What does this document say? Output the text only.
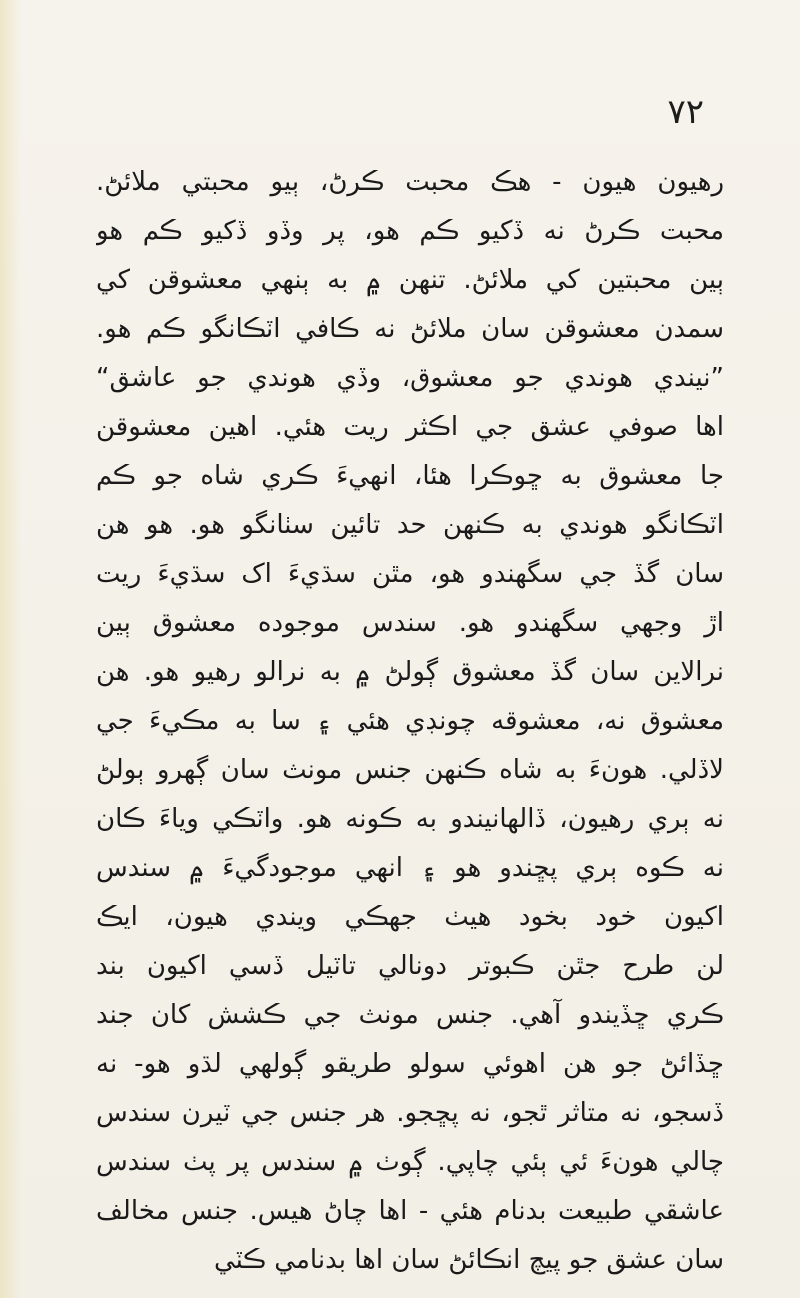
٧٢
رهيون هيون - هڪ محبت ڪرڻ، ٻيو محبتي ملائڻ.
محبت ڪرڻ نه ڏکيو ڪم هو، پر وڏو ڏکيو ڪم هو
ٻين محبتين کي ملائڻ. تنهن ۾ به ٻنهي معشوقن کي
سمدن معشوقن سان ملائڻ نه ڪافي اٽڪانگو ڪم هو.
”نيندي هوندي جو معشوق، وڏي هوندي جو عاشق“
اها صوفي عشق جي اڪثر ريت هئي. اهين معشوقن
جا معشوق به ڇوڪرا هئا، انهيءَ ڪري شاه جو ڪم
اٽڪانگو هوندي به ڪنهن حد تائين سٺانگو هو. هو هن
سان گڏ جي سگهندو هو، مٿن سڌيءَ اک سڌيءَ ريت
اڙ وجهي سگهندو هو. سندس موجوده معشوق ٻين
نرالاين سان گڏ معشوق ڳولڻ ۾ به نرالو رهيو هو. هن
معشوق نه، معشوقه چونڊي هئي ۽ سا به مڪيءَ جي
لاڏلي. هونءَ به شاه ڪنهن جنس مونث سان ڳهرو ٻولڻ
نه ٻري رهيون، ڏالهانيندو به ڪونه هو. واٽڪي وياءَ ڪان
نه ڪوه ٻري پڇندو هو ۽ انهي موجودگيءَ ۾ سندس
اکيون خود بخود هيٺ جهڪي ويندي هيون، ايڪ
لن طرح جٿن ڪبوتر دونالي تاٽيل ڏسي اکيون بند
ڪري ڇڏيندو آهي. جنس مونث جي ڪشش کان جند
ڇڏائڻ جو هن اهوئي سولو طريقو ڳولهي لڌو هو- نه
ڏسجو، نه متاثر ٿجو، نه پڇجو. هر جنس جي ٽيرن سندس
چالي هونءَ ئي ٻئي چاپي. ڳوٺ ۾ سندس پر پٺ سندس
عاشقي طبيعت بدنام هئي - اها چاڻ هيس. جنس مخالف
سان عشق جو پيچ انڪائڻ سان اها بدنامي ڪٽي
